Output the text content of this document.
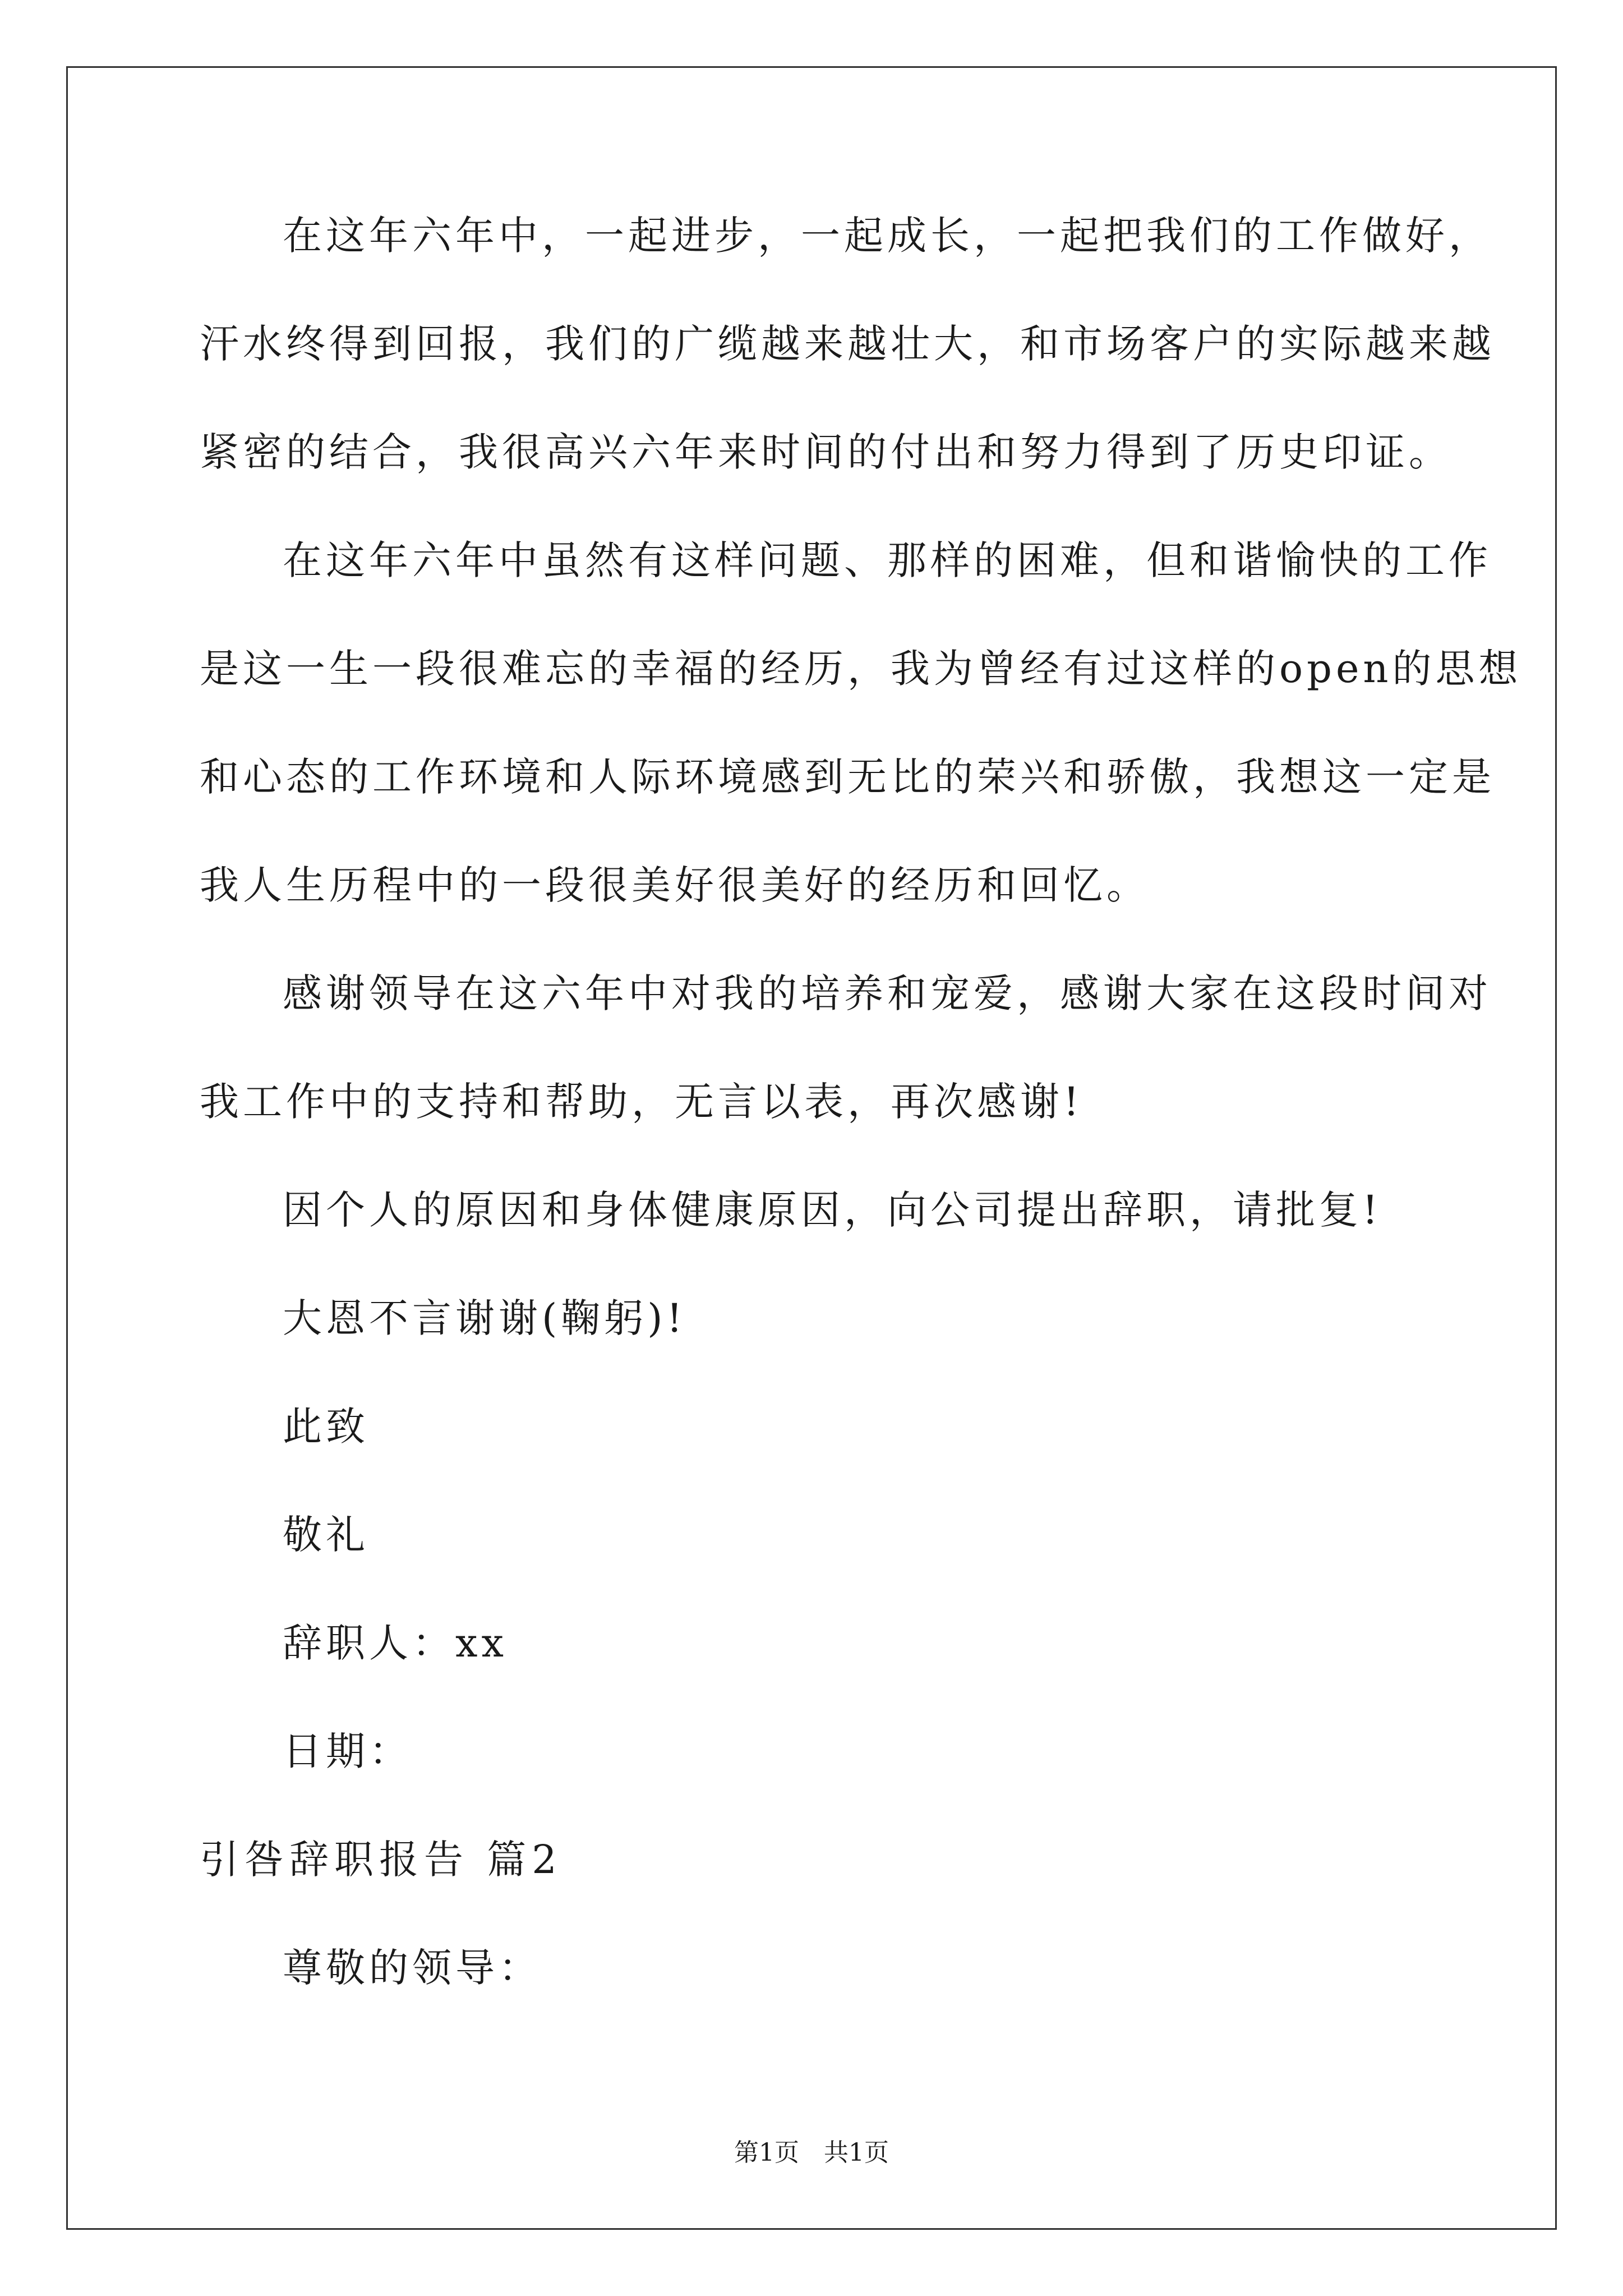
在这年六年中，一起进步，一起成长，一起把我们的工作做好，
汗水终得到回报，我们的广缆越来越壮大，和市场客户的实际越来越
紧密的结合，我很高兴六年来时间的付出和努力得到了历史印证。
在这年六年中虽然有这样问题、那样的困难，但和谐愉快的工作
是这一生一段很难忘的幸福的经历，我为曾经有过这样的open的思想
和心态的工作环境和人际环境感到无比的荣兴和骄傲，我想这一定是
我人生历程中的一段很美好很美好的经历和回忆。
感谢领导在这六年中对我的培养和宠爱，感谢大家在这段时间对
我工作中的支持和帮助，无言以表，再次感谢!
因个人的原因和身体健康原因，向公司提出辞职，请批复!
大恩不言谢谢(鞠躬)!
此致
敬礼
辞职人：xx
日期：
引咎辞职报告 篇2
尊敬的领导：
第1页　共1页
